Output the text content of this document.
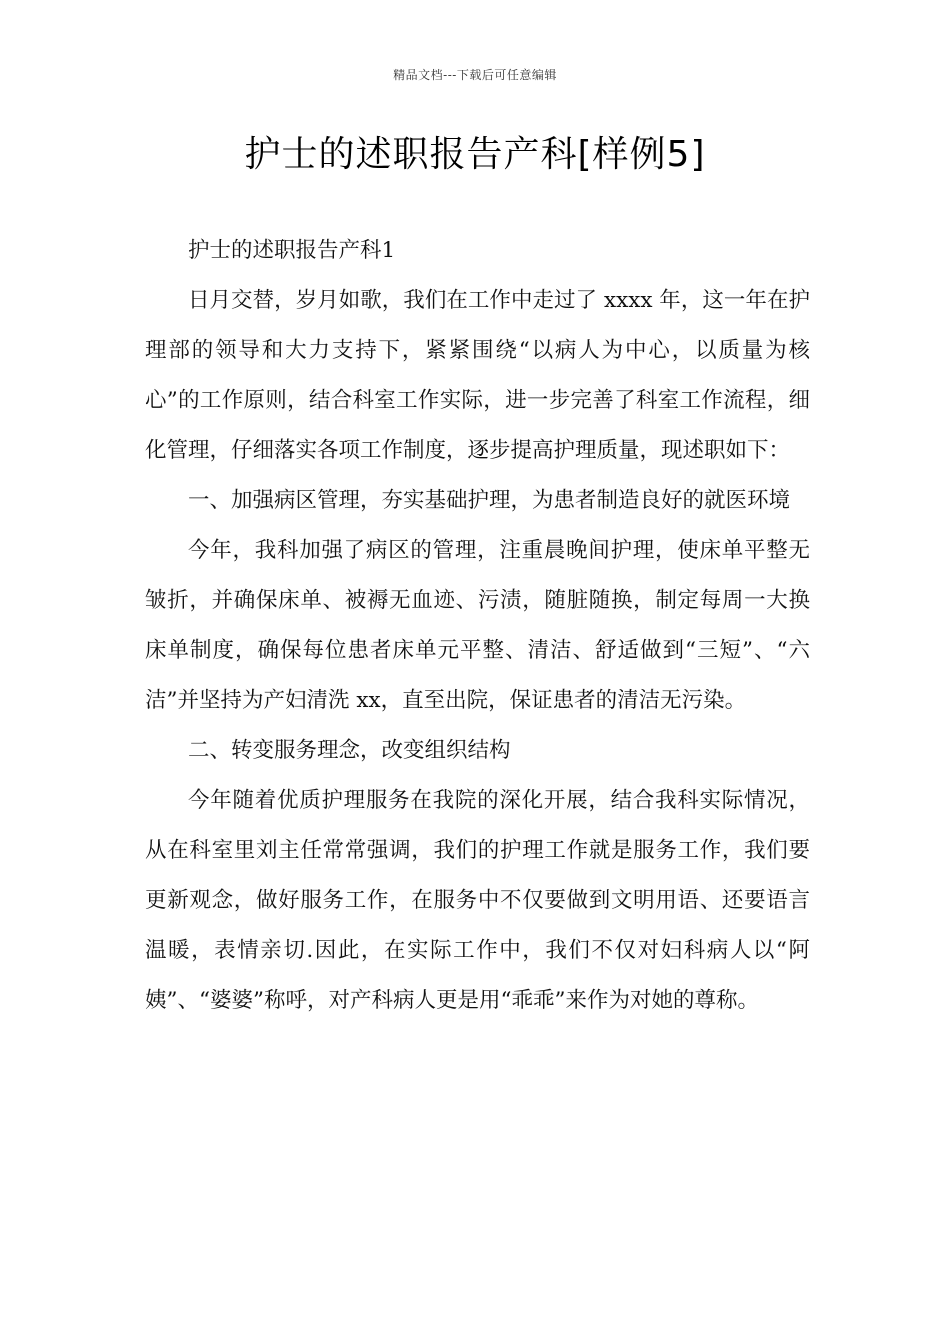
精品文档---下载后可任意编辑
护士的述职报告产科[样例5]

护士的述职报告产科1

日月交替，岁月如歌，我们在工作中走过了 xxxx 年，这一年在护理部的领导和大力支持下，紧紧围绕“以病人为中心，以质量为核心”的工作原则，结合科室工作实际，进一步完善了科室工作流程，细化管理，仔细落实各项工作制度，逐步提高护理质量，现述职如下：

一、加强病区管理，夯实基础护理，为患者制造良好的就医环境

今年，我科加强了病区的管理，注重晨晚间护理，使床单平整无皱折，并确保床单、被褥无血迹、污渍，随脏随换，制定每周一大换床单制度，确保每位患者床单元平整、清洁、舒适做到“三短”、“六洁”并坚持为产妇清洗 xx，直至出院，保证患者的清洁无污染。

二、转变服务理念，改变组织结构

今年随着优质护理服务在我院的深化开展，结合我科实际情况，从在科室里刘主任常常强调，我们的护理工作就是服务工作，我们要更新观念，做好服务工作，在服务中不仅要做到文明用语、还要语言温暖，表情亲切.因此，在实际工作中，我们不仅对妇科病人以“阿姨”、“婆婆”称呼，对产科病人更是用“乖乖”来作为对她的尊称。
